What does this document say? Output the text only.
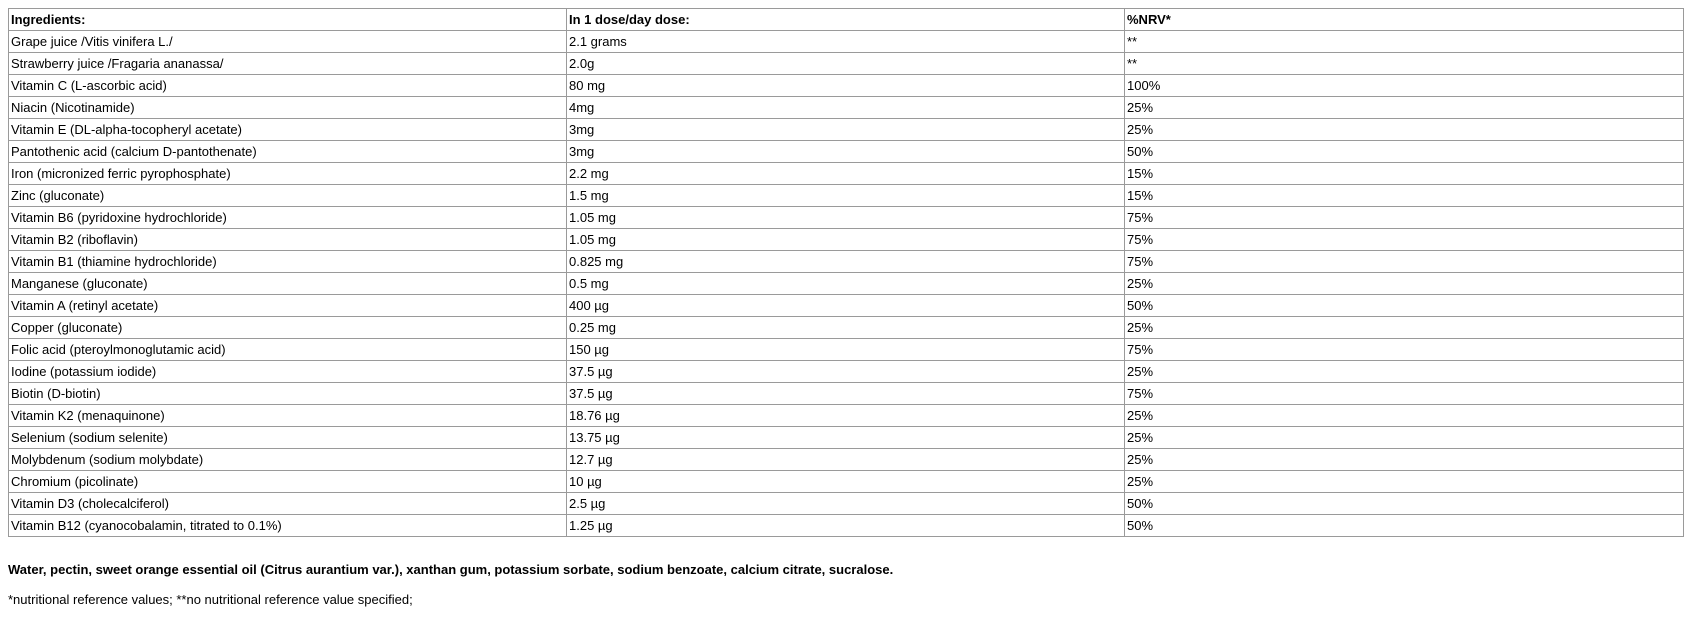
Ingredients:	In 1 dose/day dose:	%NRV*
Grape juice /Vitis vinifera L./	2.1 grams	**
Strawberry juice /Fragaria ananassa/	2.0g	**
Vitamin C (L-ascorbic acid)	80 mg	100%
Niacin (Nicotinamide)	4mg	25%
Vitamin E (DL-alpha-tocopheryl acetate)	3mg	25%
Pantothenic acid (calcium D-pantothenate)	3mg	50%
Iron (micronized ferric pyrophosphate)	2.2 mg	15%
Zinc (gluconate)	1.5 mg	15%
Vitamin B6 (pyridoxine hydrochloride)	1.05 mg	75%
Vitamin B2 (riboflavin)	1.05 mg	75%
Vitamin B1 (thiamine hydrochloride)	0.825 mg	75%
Manganese (gluconate)	0.5 mg	25%
Vitamin A (retinyl acetate)	400 µg	50%
Copper (gluconate)	0.25 mg	25%
Folic acid (pteroylmonoglutamic acid)	150 µg	75%
Iodine (potassium iodide)	37.5 µg	25%
Biotin (D-biotin)	37.5 µg	75%
Vitamin K2 (menaquinone)	18.76 µg	25%
Selenium (sodium selenite)	13.75 µg	25%
Molybdenum (sodium molybdate)	12.7 µg	25%
Chromium (picolinate)	10 µg	25%
Vitamin D3 (cholecalciferol)	2.5 µg	50%
Vitamin B12 (cyanocobalamin, titrated to 0.1%)	1.25 µg	50%
Water, pectin, sweet orange essential oil (Citrus aurantium var.), xanthan gum, potassium sorbate, sodium benzoate, calcium citrate, sucralose.
*nutritional reference values; **no nutritional reference value specified;
